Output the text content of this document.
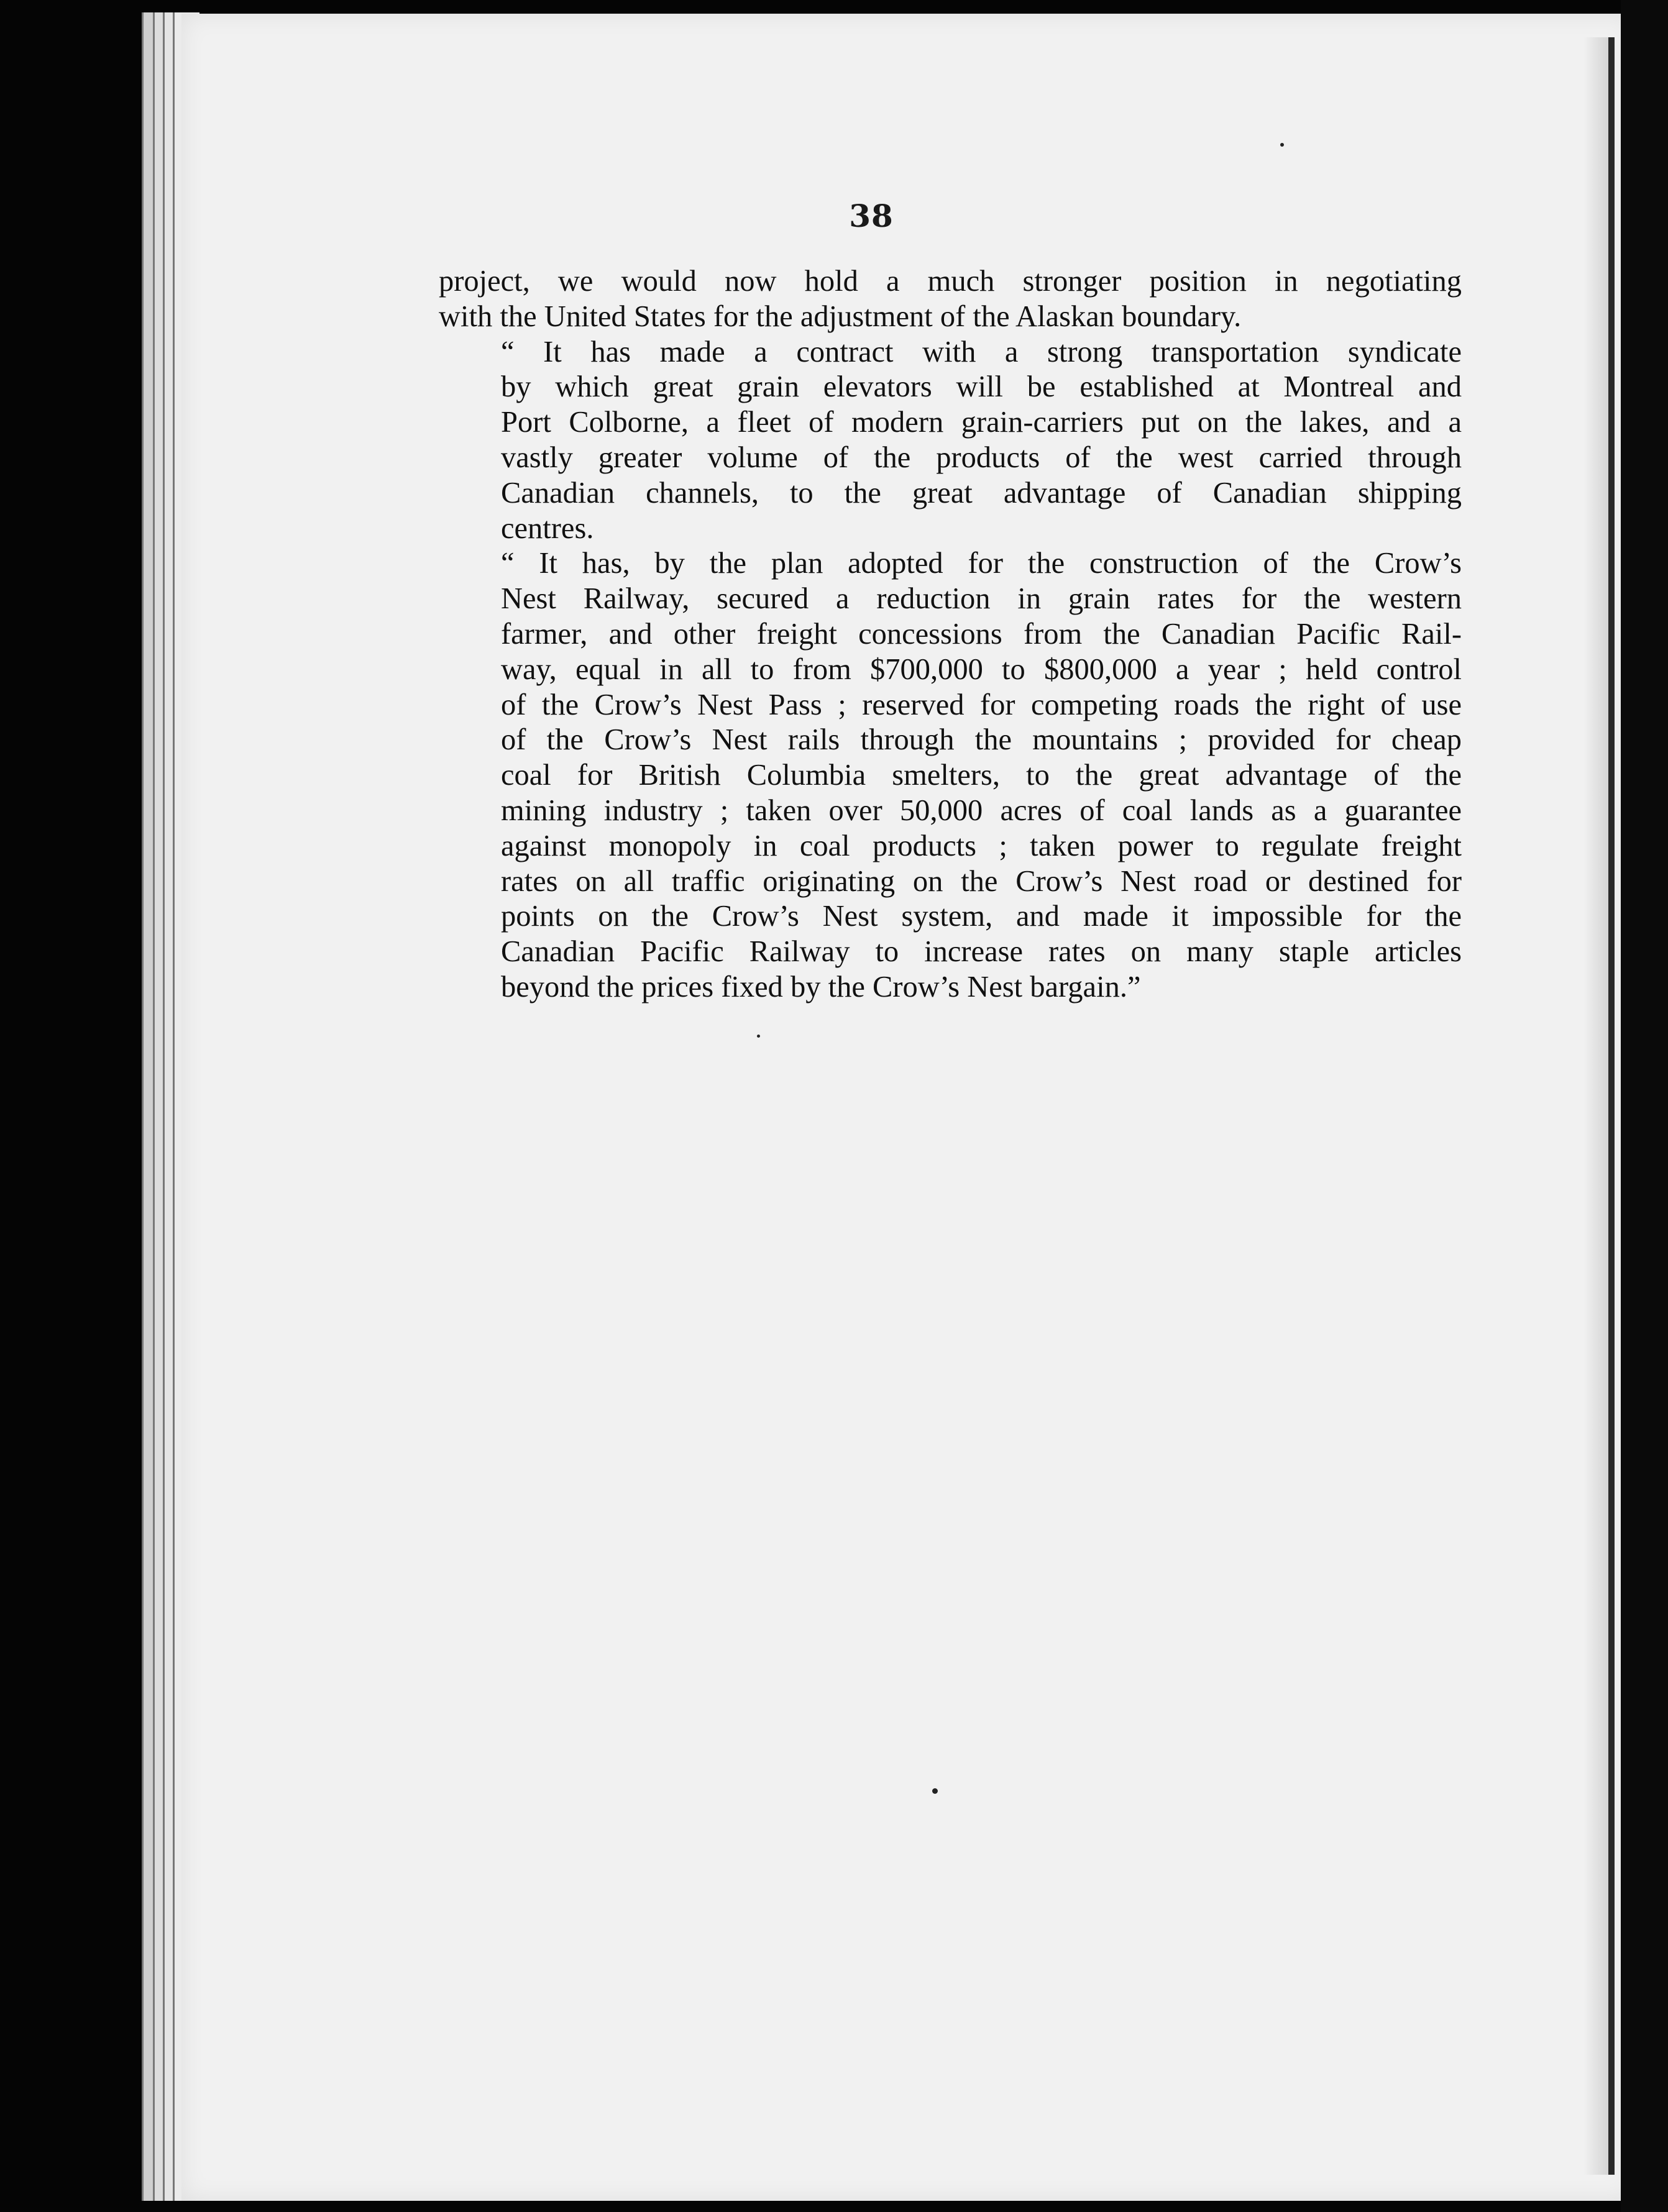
38

project, we would now hold a much stronger position in negotiating
with the United States for the adjustment of the Alaskan boundary.

“ It has made a contract with a strong transportation syndicate
by which great grain elevators will be established at Montreal and
Port Colborne, a fleet of modern grain-carriers put on the lakes, and a
vastly greater volume of the products of the west carried through
Canadian channels, to the great advantage of Canadian shipping
centres.

“ It has, by the plan adopted for the construction of the Crow’s
Nest Railway, secured a reduction in grain rates for the western
farmer, and other freight concessions from the Canadian Pacific Rail-
way, equal in all to from $700,000 to $800,000 a year ; held control
of the Crow’s Nest Pass ; reserved for competing roads the right of use
of the Crow’s Nest rails through the mountains ; provided for cheap
coal for British Columbia smelters, to the great advantage of the
mining industry ; taken over 50,000 acres of coal lands as a guarantee
against monopoly in coal products ; taken power to regulate freight
rates on all traffic originating on the Crow’s Nest road or destined for
points on the Crow’s Nest system, and made it impossible for the
Canadian Pacific Railway to increase rates on many staple articles
beyond the prices fixed by the Crow’s Nest bargain.”
